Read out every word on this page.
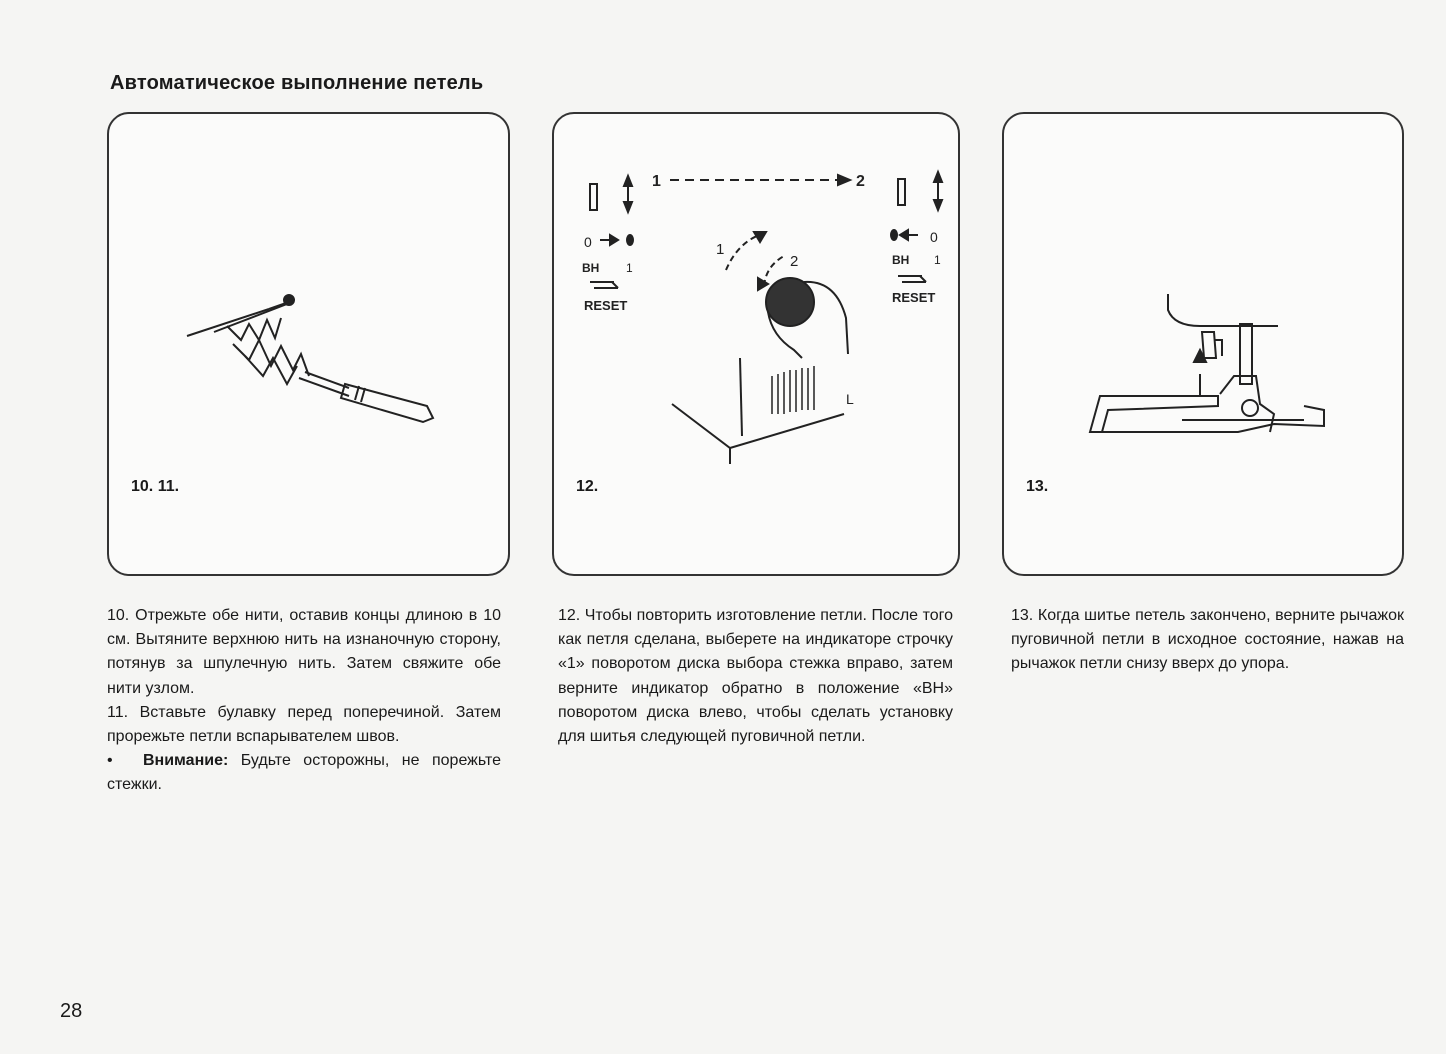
Автоматическое выполнение петель
10. 11.
1	2
0
BH 1
RESET
0
BH 1
RESET
1
2
L
12.	13.

10. Отрежьте обе нити, оставив концы длиною в 10 см. Вытяните верхнюю нить на изнаночную сторону, потянув за шпулечную нить. Затем свяжите обе нити узлом.

11. Вставьте булавку перед поперечиной. Затем прорежьте петли вспарывателем швов.

• Внимание: Будьте осторожны, не порежьте стежки.

12. Чтобы повторить изготовление петли. После того как петля сделана, выберете на индикаторе строчку «1» поворотом диска выбора стежка вправо, затем верните индикатор обратно в положение «BH» поворотом диска влево, чтобы сделать установку для шитья следующей пуговичной петли.

13. Когда шитье петель закончено, верните рычажок пуговичной петли в исходное состояние, нажав на рычажок петли снизу вверх до упора.

28
